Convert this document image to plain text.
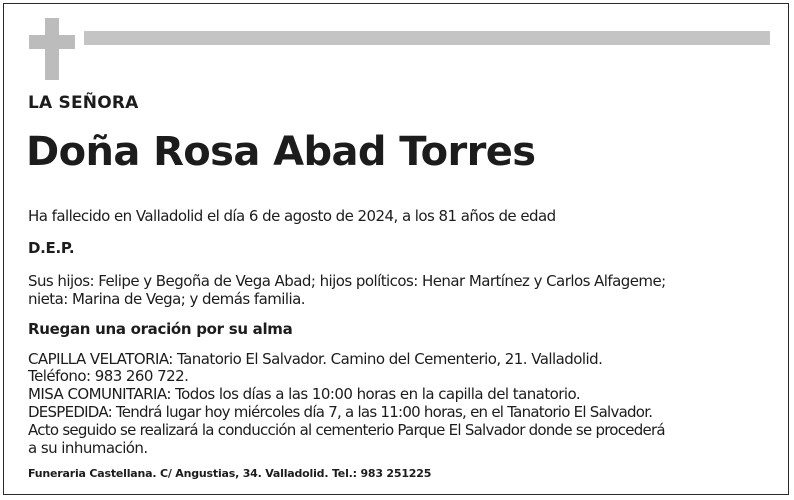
LA SEÑORA
Doña Rosa Abad Torres
Ha fallecido en Valladolid el día 6 de agosto de 2024, a los 81 años de edad
D.E.P.
Sus hijos: Felipe y Begoña de Vega Abad; hijos políticos: Henar Martínez y Carlos Alfageme;
nieta: Marina de Vega; y demás familia.
Ruegan una oración por su alma
CAPILLA VELATORIA: Tanatorio El Salvador. Camino del Cementerio, 21. Valladolid.
Teléfono: 983 260 722.
MISA COMUNITARIA: Todos los días a las 10:00 horas en la capilla del tanatorio.
DESPEDIDA: Tendrá lugar hoy miércoles día 7, a las 11:00 horas, en el Tanatorio El Salvador.
Acto seguido se realizará la conducción al cementerio Parque El Salvador donde se procederá
a su inhumación.
Funeraria Castellana. C/ Angustias, 34. Valladolid. Tel.: 983 251225
